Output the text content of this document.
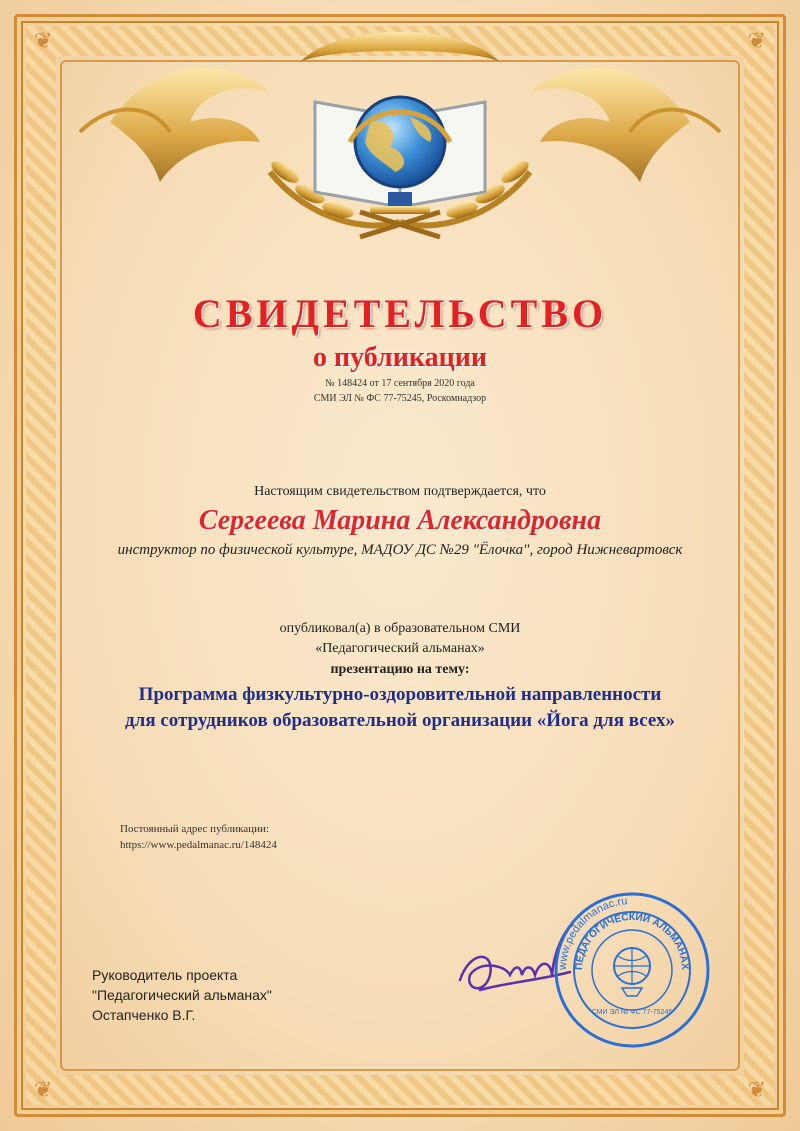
❦	❦
❦	❦
СВИДЕТЕЛЬСТВО
о публикации
№ 148424 от 17 сентября 2020 года
СМИ ЭЛ № ФС 77-75245, Роскомнадзор
Настоящим свидетельством подтверждается, что
Сергеева Марина Александровна
инструктор по физической культуре, МАДОУ ДС №29 "Ёлочка", город Нижневартовск
опубликовал(а) в образовательном СМИ
«Педагогический альманах»
презентацию на тему:
Программа физкультурно-оздоровительной направленности для сотрудников образовательной организации «Йога для всех»
Постоянный адрес публикации:
https://www.pedalmanac.ru/148424
Руководитель проекта
"Педагогический альманах"
Остапченко В.Г.
www.pedalmanac.ru
ПЕДАГОГИЧЕСКИЙ АЛЬМАНАХ
СМИ ЭЛ № ФС 77-75245
